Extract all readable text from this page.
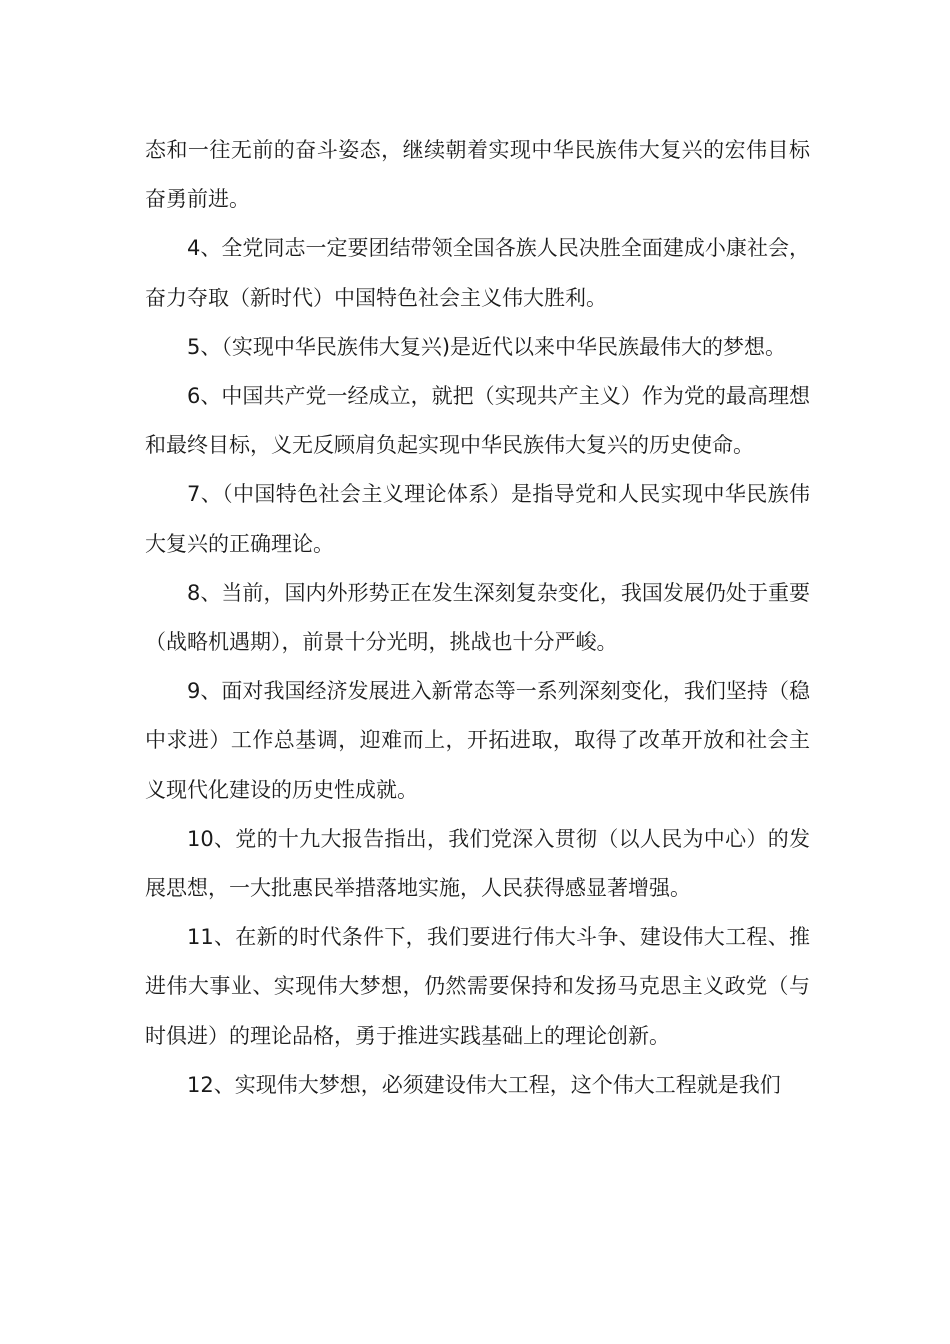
态和一往无前的奋斗姿态，继续朝着实现中华民族伟大复兴的宏伟目标奋勇前进。

4、全党同志一定要团结带领全国各族人民决胜全面建成小康社会，奋力夺取（新时代）中国特色社会主义伟大胜利。

5、（实现中华民族伟大复兴)是近代以来中华民族最伟大的梦想。

6、中国共产党一经成立，就把（实现共产主义）作为党的最高理想和最终目标，义无反顾肩负起实现中华民族伟大复兴的历史使命。

7、（中国特色社会主义理论体系）是指导党和人民实现中华民族伟大复兴的正确理论。

8、当前，国内外形势正在发生深刻复杂变化，我国发展仍处于重要（战略机遇期），前景十分光明，挑战也十分严峻。

9、面对我国经济发展进入新常态等一系列深刻变化，我们坚持（稳中求进）工作总基调，迎难而上，开拓进取，取得了改革开放和社会主义现代化建设的历史性成就。

10、党的十九大报告指出，我们党深入贯彻（以人民为中心）的发展思想，一大批惠民举措落地实施，人民获得感显著增强。

11、在新的时代条件下，我们要进行伟大斗争、建设伟大工程、推进伟大事业、实现伟大梦想，仍然需要保持和发扬马克思主义政党（与时俱进）的理论品格，勇于推进实践基础上的理论创新。

12、实现伟大梦想，必须建设伟大工程，这个伟大工程就是我们
